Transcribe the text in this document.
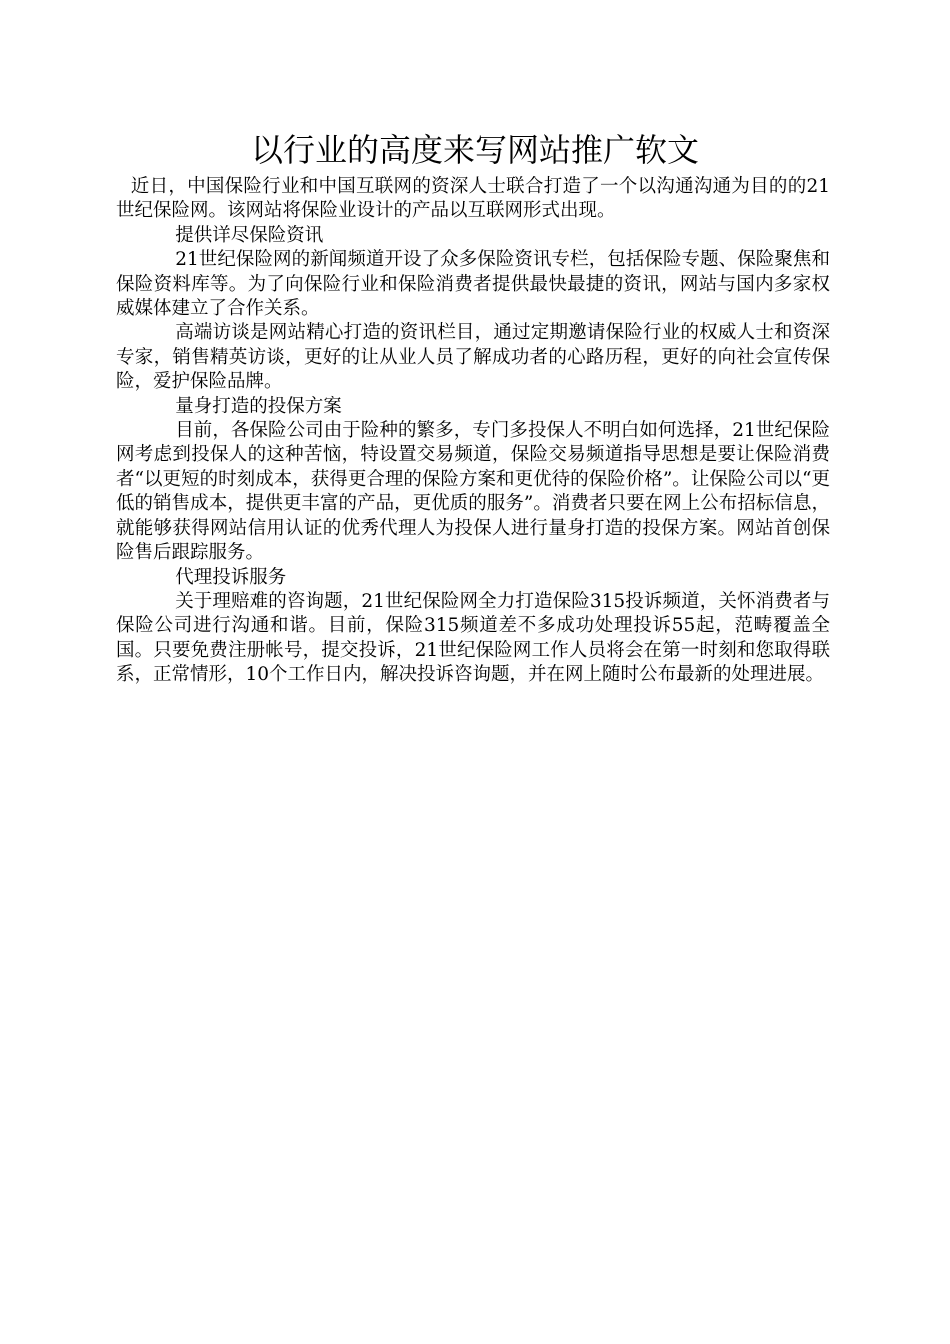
以行业的高度来写网站推广软文

近日，中国保险行业和中国互联网的资深人士联合打造了一个以沟通沟通为目的的21世纪保险网。该网站将保险业设计的产品以互联网形式出现。

提供详尽保险资讯

21世纪保险网的新闻频道开设了众多保险资讯专栏，包括保险专题、保险聚焦和保险资料库等。为了向保险行业和保险消费者提供最快最捷的资讯，网站与国内多家权威媒体建立了合作关系。

高端访谈是网站精心打造的资讯栏目，通过定期邀请保险行业的权威人士和资深专家，销售精英访谈，更好的让从业人员了解成功者的心路历程，更好的向社会宣传保险，爱护保险品牌。

量身打造的投保方案

目前，各保险公司由于险种的繁多，专门多投保人不明白如何选择，21世纪保险网考虑到投保人的这种苦恼，特设置交易频道，保险交易频道指导思想是要让保险消费者“以更短的时刻成本，获得更合理的保险方案和更优待的保险价格”。让保险公司以“更低的销售成本，提供更丰富的产品，更优质的服务”。消费者只要在网上公布招标信息，就能够获得网站信用认证的优秀代理人为投保人进行量身打造的投保方案。网站首创保险售后跟踪服务。

代理投诉服务

关于理赔难的咨询题，21世纪保险网全力打造保险315投诉频道，关怀消费者与保险公司进行沟通和谐。目前，保险315频道差不多成功处理投诉55起，范畴覆盖全国。只要免费注册帐号，提交投诉，21世纪保险网工作人员将会在第一时刻和您取得联系，正常情形，10个工作日内，解决投诉咨询题，并在网上随时公布最新的处理进展。
